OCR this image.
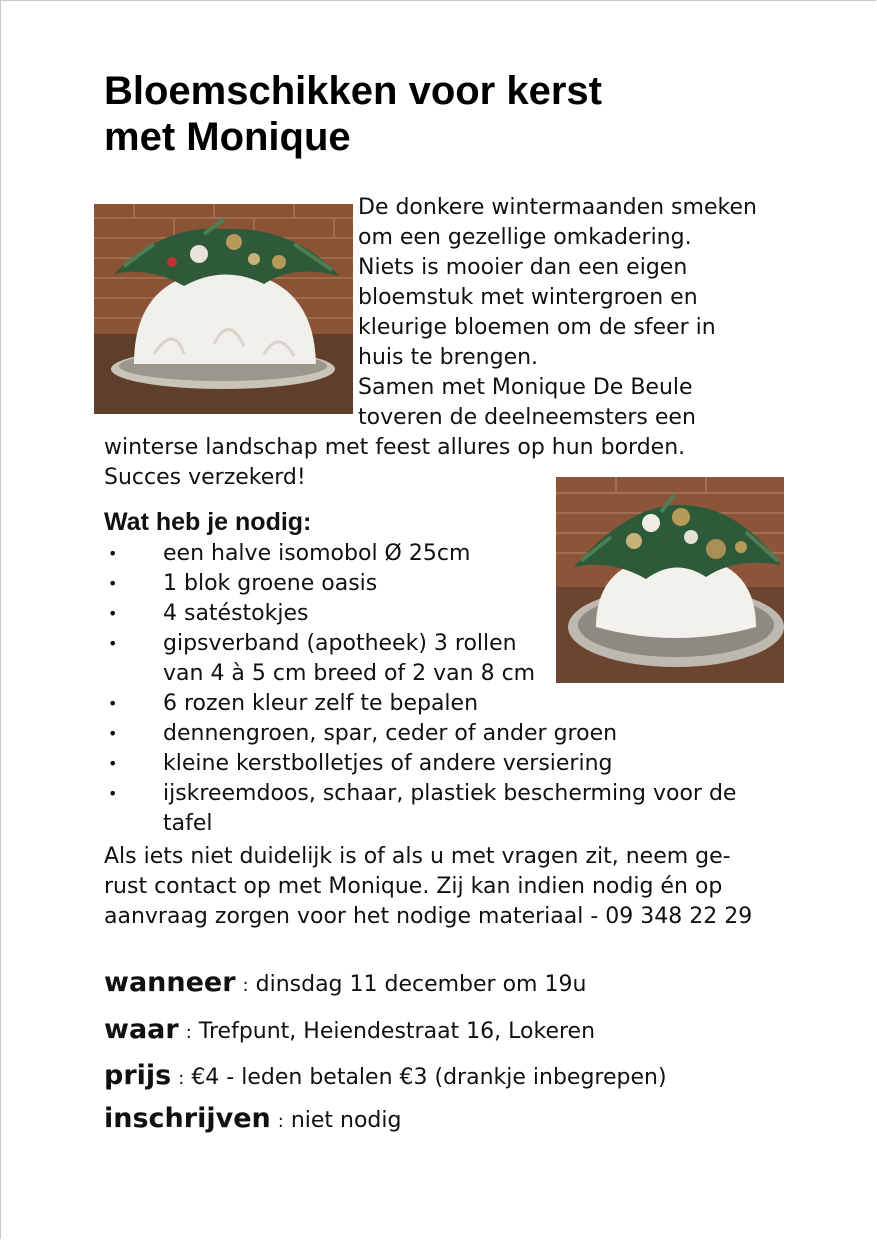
Bloemschikken voor kerst
met Monique
De donkere wintermaanden smeken
om een gezellige omkadering.
Niets is mooier dan een eigen
bloemstuk met wintergroen en
kleurige bloemen om de sfeer in
huis te brengen.
Samen met Monique De Beule
toveren de deelneemsters een
winterse landschap met feest allures op hun borden.
Succes verzekerd!
Wat heb je nodig:
• een halve isomobol Ø 25cm
• 1 blok groene oasis
• 4 satéstokjes
• gipsverband (apotheek) 3 rollen
van 4 à 5 cm breed of 2 van 8 cm
• 6 rozen kleur zelf te bepalen
• dennengroen, spar, ceder of ander groen
• kleine kerstbolletjes of andere versiering
• ijskreemdoos, schaar, plastiek bescherming voor de
tafel

Als iets niet duidelijk is of als u met vragen zit, neem ge-
rust contact op met Monique. Zij kan indien nodig én op
aanvraag zorgen voor het nodige materiaal - 09 348 22 29

wanneer : dinsdag 11 december om 19u

waar : Trefpunt, Heiendestraat 16, Lokeren

prijs : €4 - leden betalen €3 (drankje inbegrepen)

inschrijven : niet nodig
